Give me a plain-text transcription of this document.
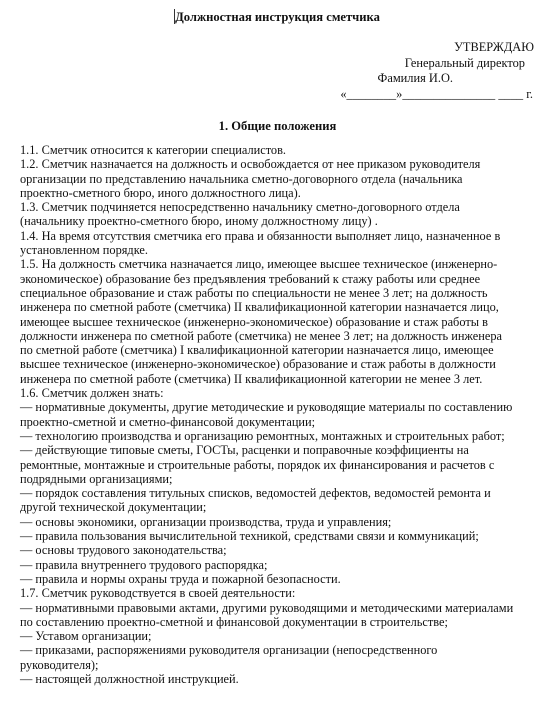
Должностная инструкция сметчика
УТВЕРЖДАЮ
Генеральный директор
Фамилия И.О.
«________»_______________ ____ г.
1. Общие положения
1.1. Сметчик относится к категории специалистов.
1.2. Сметчик назначается на должность и освобождается от нее приказом руководителя
организации по представлению начальника сметно-договорного отдела (начальника
проектно-сметного бюро, иного должностного лица).
1.3. Сметчик подчиняется непосредственно начальнику сметно-договорного отдела
(начальнику проектно-сметного бюро, иному должностному лицу) .
1.4. На время отсутствия сметчика его права и обязанности выполняет лицо, назначенное в
установленном порядке.
1.5. На должность сметчика назначается лицо, имеющее высшее техническое (инженерно-
экономическое) образование без предъявления требований к стажу работы или среднее
специальное образование и стаж работы по специальности не менее 3 лет; на должность
инженера по сметной работе (сметчика) II квалификационной категории назначается лицо,
имеющее высшее техническое (инженерно-экономическое) образование и стаж работы в
должности инженера по сметной работе (сметчика) не менее 3 лет; на должность инженера
по сметной работе (сметчика) I квалификационной категории назначается лицо, имеющее
высшее техническое (инженерно-экономическое) образование и стаж работы в должности
инженера по сметной работе (сметчика) II квалификационной категории не менее 3 лет.
1.6. Сметчик должен знать:
— нормативные документы, другие методические и руководящие материалы по составлению
проектно-сметной и сметно-финансовой документации;
— технологию производства и организацию ремонтных, монтажных и строительных работ;
— действующие типовые сметы, ГОСТы, расценки и поправочные коэффициенты на
ремонтные, монтажные и строительные работы, порядок их финансирования и расчетов с
подрядными организациями;
— порядок составления титульных списков, ведомостей дефектов, ведомостей ремонта и
другой технической документации;
— основы экономики, организации производства, труда и управления;
— правила пользования вычислительной техникой, средствами связи и коммуникаций;
— основы трудового законодательства;
— правила внутреннего трудового распорядка;
— правила и нормы охраны труда и пожарной безопасности.
1.7. Сметчик руководствуется в своей деятельности:
— нормативными правовыми актами, другими руководящими и методическими материалами
по составлению проектно-сметной и финансовой документации в строительстве;
— Уставом организации;
— приказами, распоряжениями руководителя организации (непосредственного
руководителя);
— настоящей должностной инструкцией.
